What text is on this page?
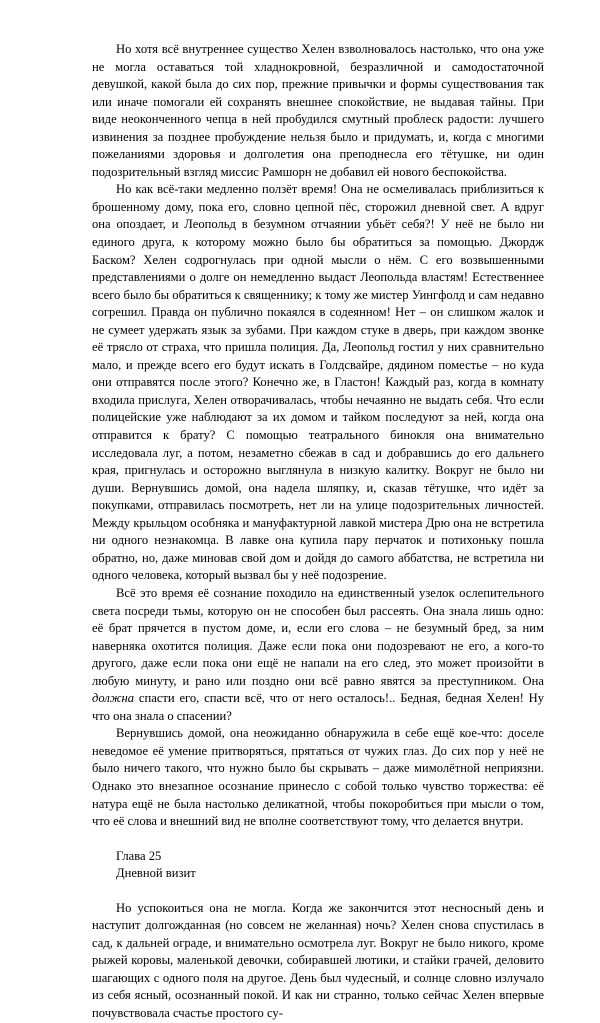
Но хотя всё внутреннее существо Хелен взволновалось настолько, что она уже не могла оставаться той хладнокровной, безразличной и самодостаточной девушкой, какой была до сих пор, прежние привычки и формы существования так или иначе помогали ей сохранять внешнее спокойствие, не выдавая тайны. При виде неоконченного чепца в ней пробудился смутный проблеск радости: лучшего извинения за позднее пробуждение нельзя было и придумать, и, когда с многими пожеланиями здоровья и долголетия она преподнесла его тётушке, ни один подозрительный взгляд миссис Рамшорн не добавил ей нового беспокойства.

Но как всё-таки медленно ползёт время! Она не осмеливалась приблизиться к брошенному дому, пока его, словно цепной пёс, сторожил дневной свет. А вдруг она опоздает, и Леопольд в безумном отчаянии убьёт себя?! У неё не было ни единого друга, к которому можно было бы обратиться за помощью. Джордж Баском? Хелен содрогнулась при одной мысли о нём. С его возвышенными представлениями о долге он немедленно выдаст Леопольда властям! Естественнее всего было бы обратиться к священнику; к тому же мистер Уингфолд и сам недавно согрешил. Правда он публично покаялся в содеянном! Нет – он слишком жалок и не сумеет удержать язык за зубами. При каждом стуке в дверь, при каждом звонке её трясло от страха, что пришла полиция. Да, Леопольд гостил у них сравнительно мало, и прежде всего его будут искать в Голдсвайре, дядином поместье – но куда они отправятся после этого? Конечно же, в Гластон! Каждый раз, когда в комнату входила прислуга, Хелен отворачивалась, чтобы нечаянно не выдать себя. Что если полицейские уже наблюдают за их домом и тайком последуют за ней, когда она отправится к брату? С помощью театрального бинокля она внимательно исследовала луг, а потом, незаметно сбежав в сад и добравшись до его дальнего края, пригнулась и осторожно выглянула в низкую калитку. Вокруг не было ни души. Вернувшись домой, она надела шляпку, и, сказав тётушке, что идёт за покупками, отправилась посмотреть, нет ли на улице подозрительных личностей. Между крыльцом особняка и мануфактурной лавкой мистера Дрю она не встретила ни одного незнакомца. В лавке она купила пару перчаток и потихоньку пошла обратно, но, даже миновав свой дом и дойдя до самого аббатства, не встретила ни одного человека, который вызвал бы у неё подозрение.

Всё это время её сознание походило на единственный узелок ослепительного света посреди тьмы, которую он не способен был рассеять. Она знала лишь одно: её брат прячется в пустом доме, и, если его слова – не безумный бред, за ним наверняка охотится полиция. Даже если пока они подозревают не его, а кого-то другого, даже если пока они ещё не напали на его след, это может произойти в любую минуту, и рано или поздно они всё равно явятся за преступником. Она должна спасти его, спасти всё, что от него осталось!.. Бедная, бедная Хелен! Ну что она знала о спасении?

Вернувшись домой, она неожиданно обнаружила в себе ещё кое-что: доселе неведомое её умение притворяться, прятаться от чужих глаз. До сих пор у неё не было ничего такого, что нужно было бы скрывать – даже мимолётной неприязни. Однако это внезапное осознание принесло с собой только чувство торжества: её натура ещё не была настолько деликатной, чтобы покоробиться при мысли о том, что её слова и внешний вид не вполне соответствуют тому, что делается внутри.

Глава 25
Дневной визит

Но успокоиться она не могла. Когда же закончится этот несносный день и наступит долгожданная (но совсем не желанная) ночь? Хелен снова спустилась в сад, к дальней ограде, и внимательно осмотрела луг. Вокруг не было никого, кроме рыжей коровы, маленькой девочки, собиравшей лютики, и стайки грачей, деловито шагающих с одного поля на другое. День был чудесный, и солнце словно излучало из себя ясный, осознанный покой. И как ни странно, только сейчас Хелен впервые почувствовала счастье простого су-
